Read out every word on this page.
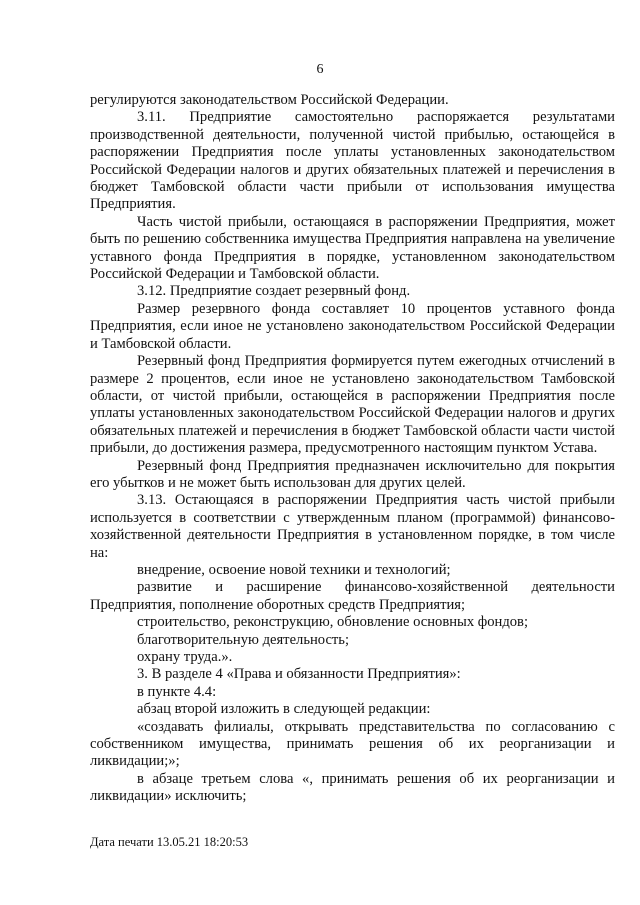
6

регулируются законодательством Российской Федерации.

3.11. Предприятие самостоятельно распоряжается результатами производственной деятельности, полученной чистой прибылью, остающейся в распоряжении Предприятия после уплаты установленных законодательством Российской Федерации налогов и других обязательных платежей и перечисления в бюджет Тамбовской области части прибыли от использования имущества Предприятия.

Часть чистой прибыли, остающаяся в распоряжении Предприятия, может быть по решению собственника имущества Предприятия направлена на увеличение уставного фонда Предприятия в порядке, установленном законодательством Российской Федерации и Тамбовской области.

3.12. Предприятие создает резервный фонд.

Размер резервного фонда составляет 10 процентов уставного фонда Предприятия, если иное не установлено законодательством Российской Федерации и Тамбовской области.

Резервный фонд Предприятия формируется путем ежегодных отчислений в размере 2 процентов, если иное не установлено законодательством Тамбовской области, от чистой прибыли, остающейся в распоряжении Предприятия после уплаты установленных законодательством Российской Федерации налогов и других обязательных платежей и перечисления в бюджет Тамбовской области части чистой прибыли, до достижения размера, предусмотренного настоящим пунктом Устава.

Резервный фонд Предприятия предназначен исключительно для покрытия его убытков и не может быть использован для других целей.

3.13. Остающаяся в распоряжении Предприятия часть чистой прибыли используется в соответствии с утвержденным планом (программой) финансово-хозяйственной деятельности Предприятия в установленном порядке, в том числе на:

внедрение, освоение новой техники и технологий;

развитие и расширение финансово-хозяйственной деятельности Предприятия, пополнение оборотных средств Предприятия;

строительство, реконструкцию, обновление основных фондов;

благотворительную деятельность;

охрану труда.».

3. В разделе 4 «Права и обязанности Предприятия»:

в пункте 4.4:

абзац второй изложить в следующей редакции:

«создавать филиалы, открывать представительства по согласованию с собственником имущества, принимать решения об их реорганизации и ликвидации;»;

в абзаце третьем слова «, принимать решения об их реорганизации и ликвидации» исключить;

Дата печати 13.05.21 18:20:53
